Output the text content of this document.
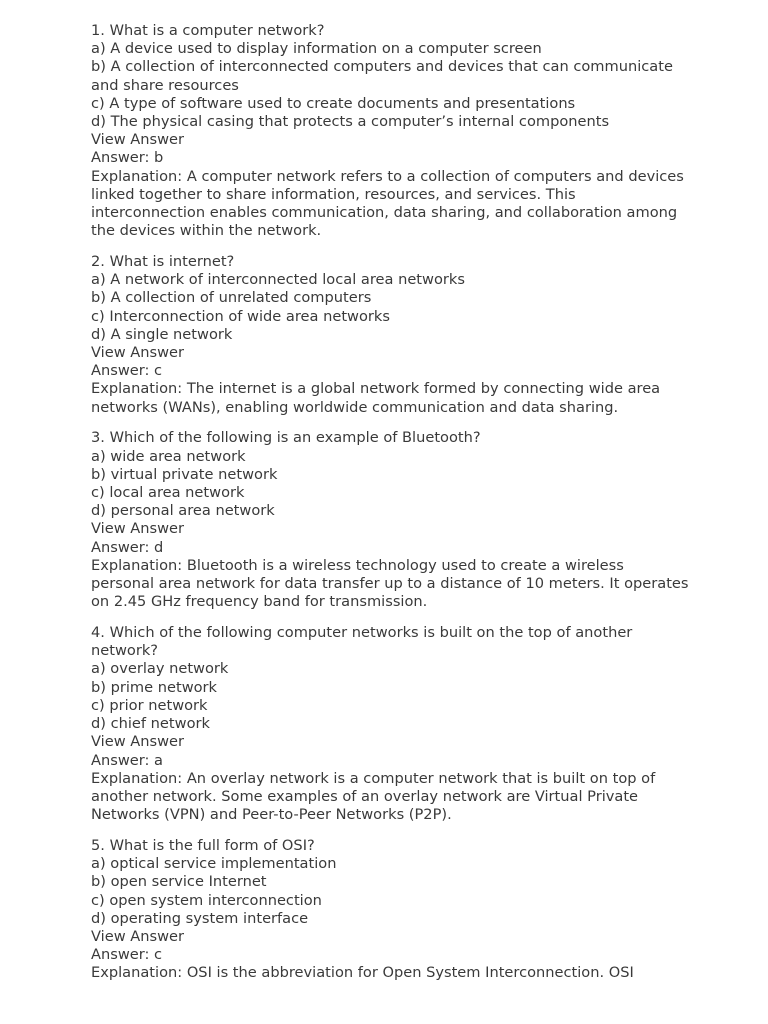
1. What is a computer network?
a) A device used to display information on a computer screen
b) A collection of interconnected computers and devices that can communicate and share resources
c) A type of software used to create documents and presentations
d) The physical casing that protects a computer’s internal components
View Answer
Answer: b
Explanation: A computer network refers to a collection of computers and devices linked together to share information, resources, and services. This interconnection enables communication, data sharing, and collaboration among the devices within the network.
2. What is internet?
a) A network of interconnected local area networks
b) A collection of unrelated computers
c) Interconnection of wide area networks
d) A single network
View Answer
Answer: c
Explanation: The internet is a global network formed by connecting wide area networks (WANs), enabling worldwide communication and data sharing.
3. Which of the following is an example of Bluetooth?
a) wide area network
b) virtual private network
c) local area network
d) personal area network
View Answer
Answer: d
Explanation: Bluetooth is a wireless technology used to create a wireless personal area network for data transfer up to a distance of 10 meters. It operates on 2.45 GHz frequency band for transmission.
4. Which of the following computer networks is built on the top of another network?
a) overlay network
b) prime network
c) prior network
d) chief network
View Answer
Answer: a
Explanation: An overlay network is a computer network that is built on top of another network. Some examples of an overlay network are Virtual Private Networks (VPN) and Peer-to-Peer Networks (P2P).
5. What is the full form of OSI?
a) optical service implementation
b) open service Internet
c) open system interconnection
d) operating system interface
View Answer
Answer: c
Explanation: OSI is the abbreviation for Open System Interconnection. OSI
